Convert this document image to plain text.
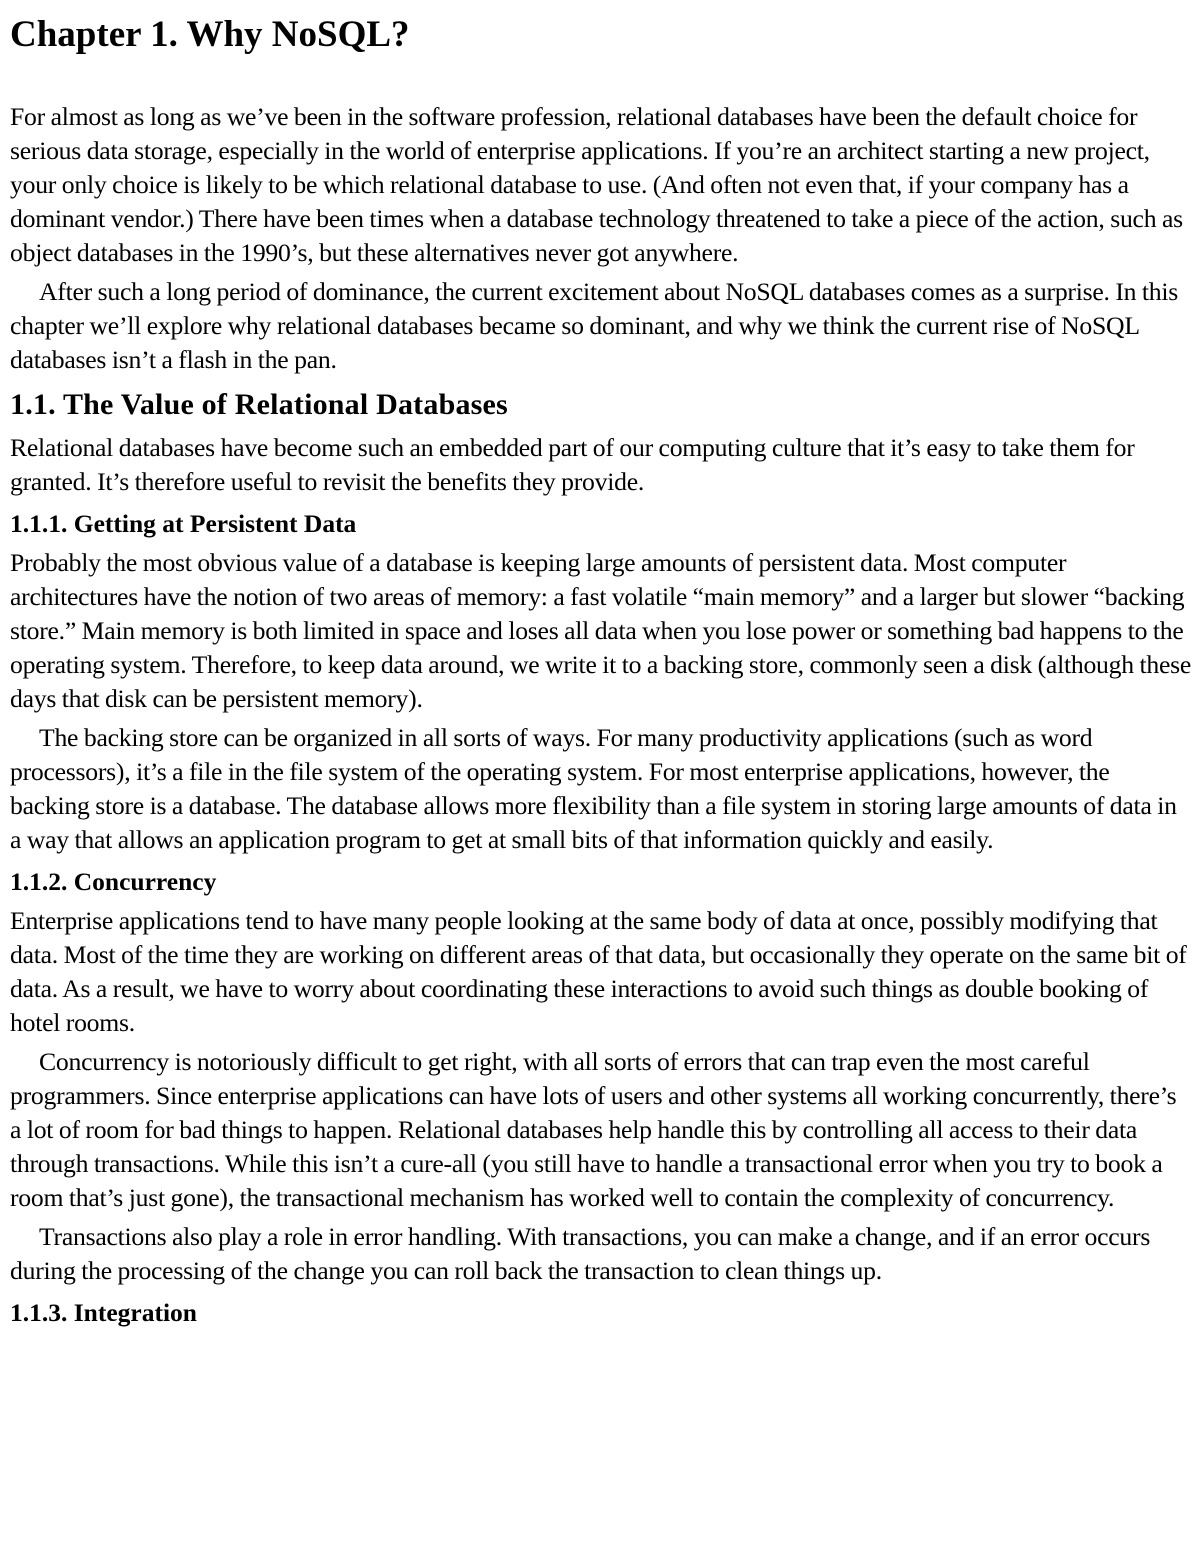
Chapter 1. Why NoSQL?

For almost as long as we’ve been in the software profession, relational databases have been the default choice for serious data storage, especially in the world of enterprise applications. If you’re an architect starting a new project, your only choice is likely to be which relational database to use. (And often not even that, if your company has a dominant vendor.) There have been times when a database technology threatened to take a piece of the action, such as object databases in the 1990’s, but these alternatives never got anywhere.

After such a long period of dominance, the current excitement about NoSQL databases comes as a surprise. In this chapter we’ll explore why relational databases became so dominant, and why we think the current rise of NoSQL databases isn’t a flash in the pan.

1.1. The Value of Relational Databases

Relational databases have become such an embedded part of our computing culture that it’s easy to take them for granted. It’s therefore useful to revisit the benefits they provide.

1.1.1. Getting at Persistent Data

Probably the most obvious value of a database is keeping large amounts of persistent data. Most computer architectures have the notion of two areas of memory: a fast volatile “main memory” and a larger but slower “backing store.” Main memory is both limited in space and loses all data when you lose power or something bad happens to the operating system. Therefore, to keep data around, we write it to a backing store, commonly seen a disk (although these days that disk can be persistent memory).

The backing store can be organized in all sorts of ways. For many productivity applications (such as word processors), it’s a file in the file system of the operating system. For most enterprise applications, however, the backing store is a database. The database allows more flexibility than a file system in storing large amounts of data in a way that allows an application program to get at small bits of that information quickly and easily.

1.1.2. Concurrency

Enterprise applications tend to have many people looking at the same body of data at once, possibly modifying that data. Most of the time they are working on different areas of that data, but occasionally they operate on the same bit of data. As a result, we have to worry about coordinating these interactions to avoid such things as double booking of hotel rooms.

Concurrency is notoriously difficult to get right, with all sorts of errors that can trap even the most careful programmers. Since enterprise applications can have lots of users and other systems all working concurrently, there’s a lot of room for bad things to happen. Relational databases help handle this by controlling all access to their data through transactions. While this isn’t a cure-all (you still have to handle a transactional error when you try to book a room that’s just gone), the transactional mechanism has worked well to contain the complexity of concurrency.

Transactions also play a role in error handling. With transactions, you can make a change, and if an error occurs during the processing of the change you can roll back the transaction to clean things up.

1.1.3. Integration
